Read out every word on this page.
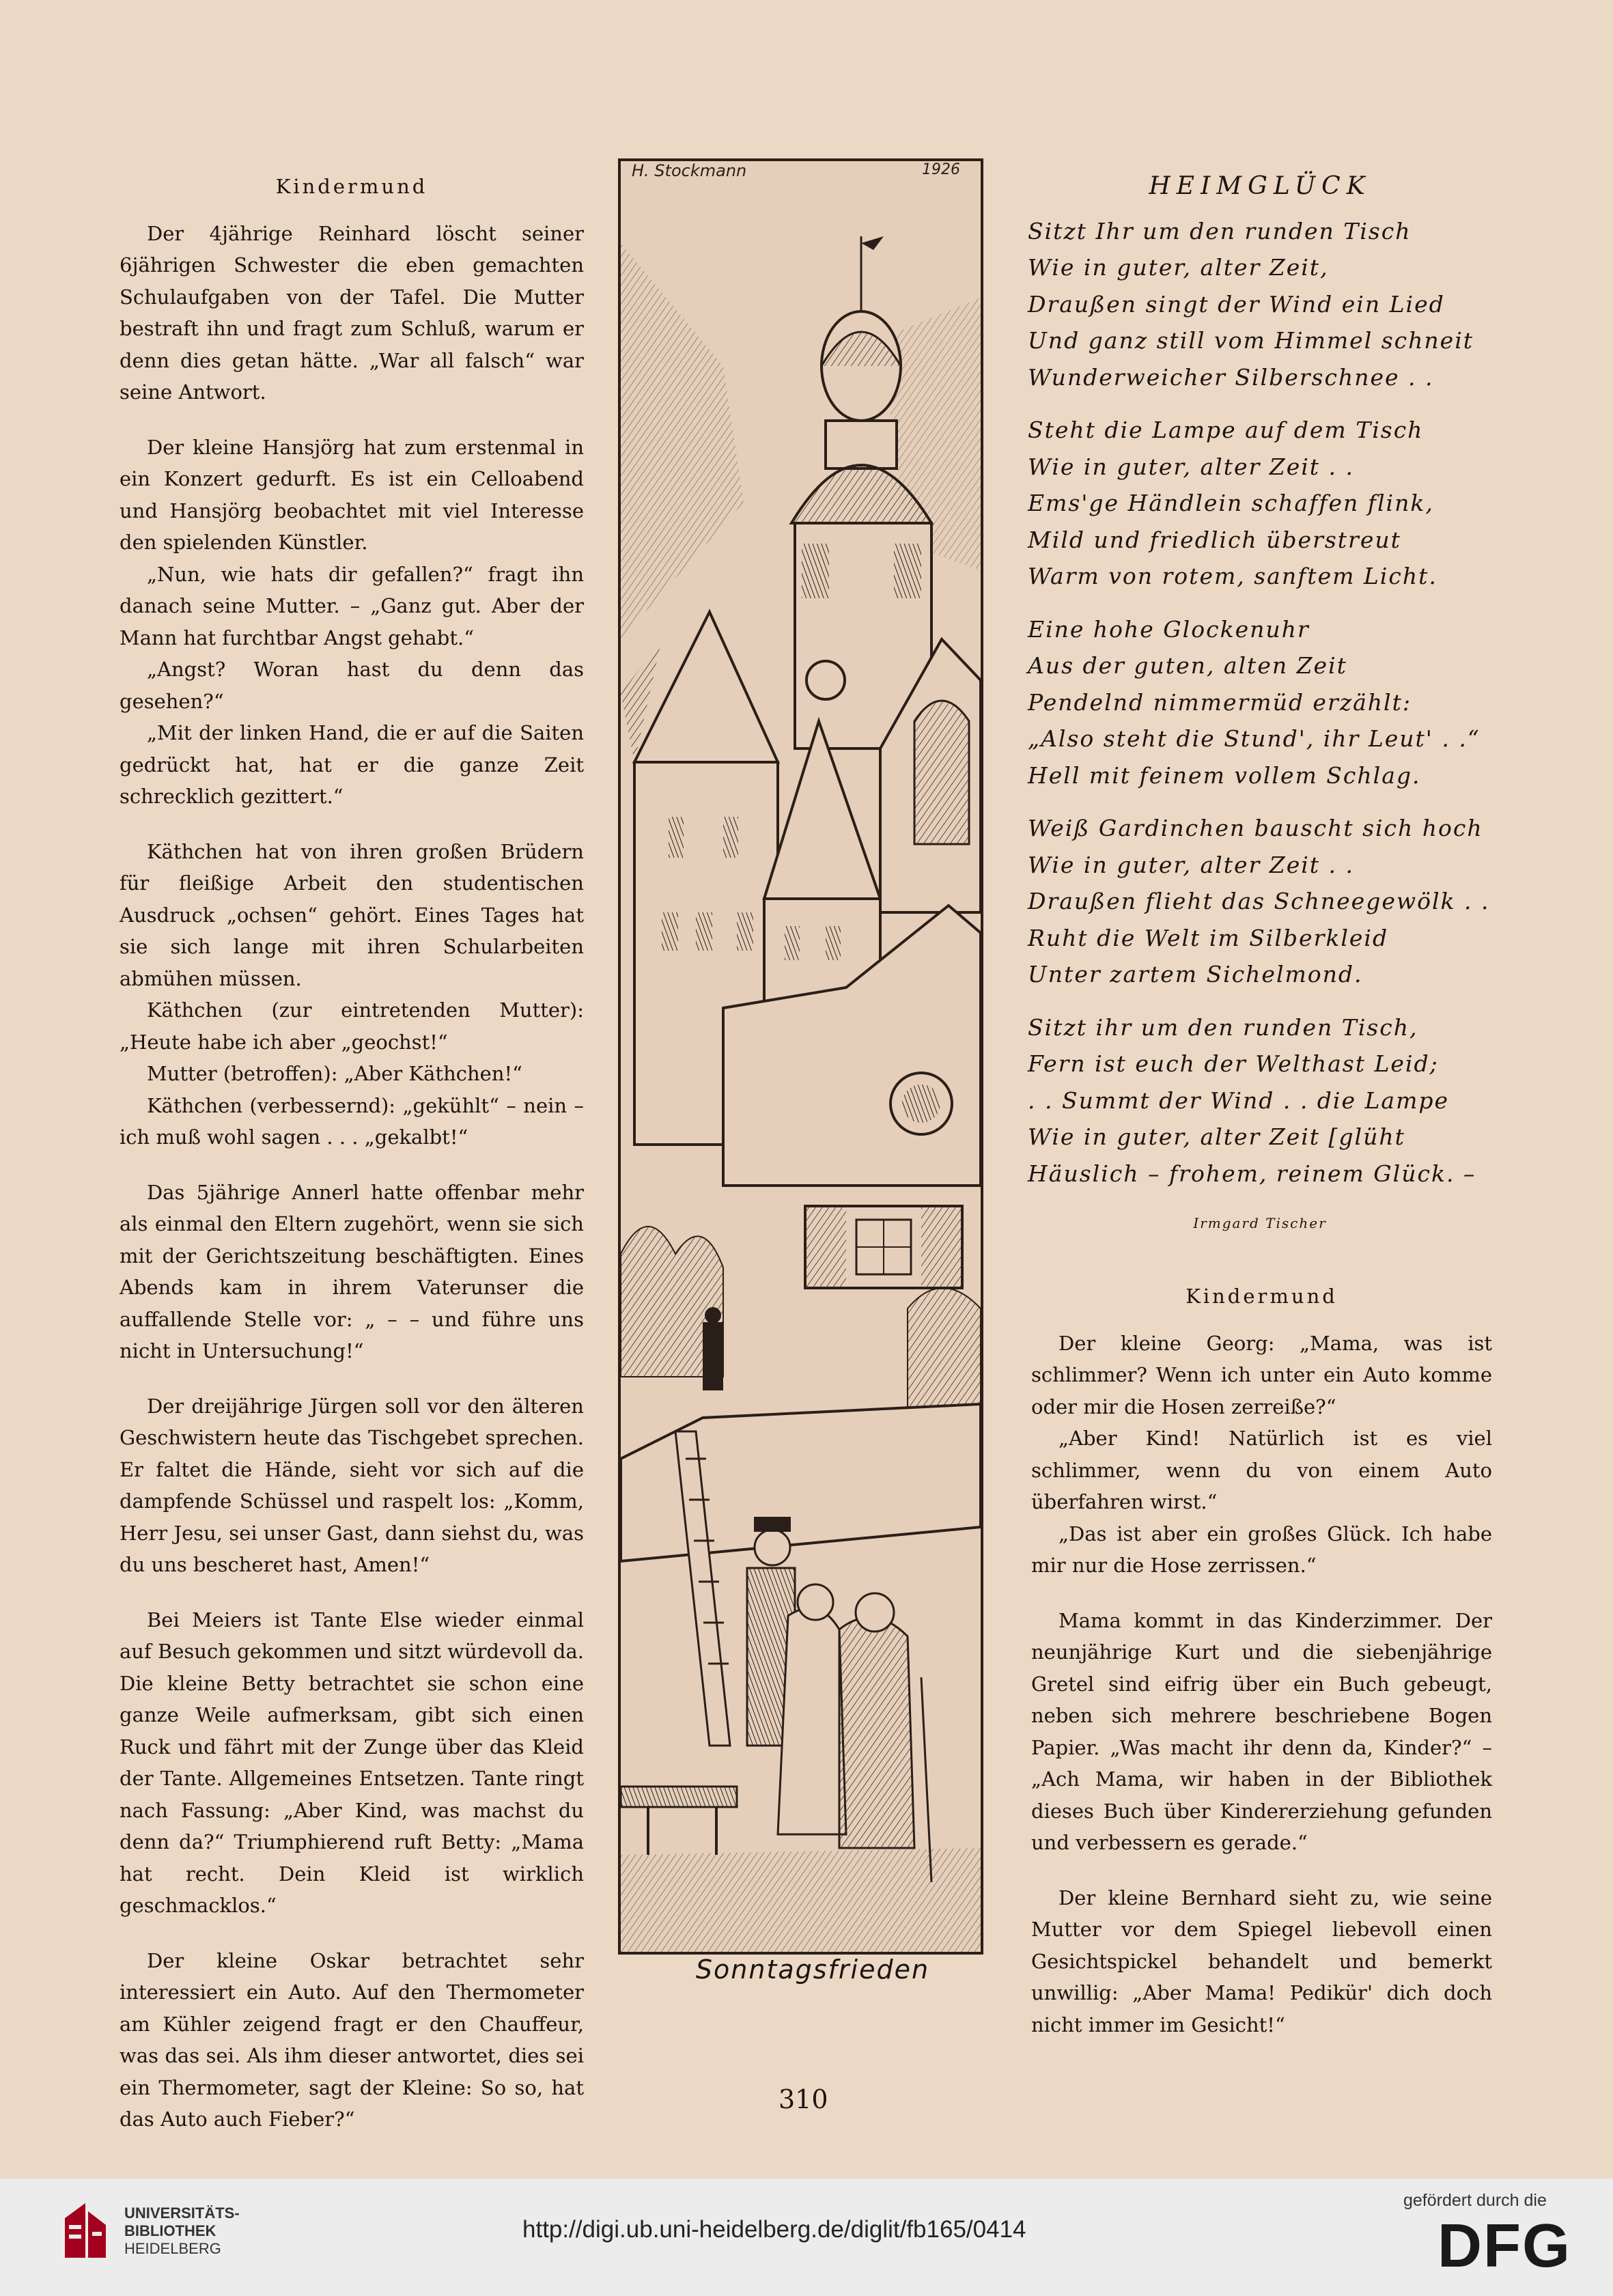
Kindermund

Der 4jährige Reinhard löscht seiner 6jährigen Schwester die eben gemachten Schulaufgaben von der Tafel. Die Mutter bestraft ihn und fragt zum Schluß, warum er denn dies getan hätte. „War all falsch“ war seine Antwort.

Der kleine Hansjörg hat zum erstenmal in ein Konzert gedurft. Es ist ein Celloabend und Hansjörg beobachtet mit viel Interesse den spielenden Künstler.

„Nun, wie hats dir gefallen?“ fragt ihn danach seine Mutter. – „Ganz gut. Aber der Mann hat furchtbar Angst gehabt.“

„Angst? Woran hast du denn das gesehen?“

„Mit der linken Hand, die er auf die Saiten gedrückt hat, hat er die ganze Zeit schrecklich gezittert.“

Käthchen hat von ihren großen Brüdern für fleißige Arbeit den studentischen Ausdruck „ochsen“ gehört. Eines Tages hat sie sich lange mit ihren Schularbeiten abmühen müssen.

Käthchen (zur eintretenden Mutter): „Heute habe ich aber „geochst!“

Mutter (betroffen): „Aber Käthchen!“

Käthchen (verbessernd): „gekühlt“ – nein – ich muß wohl sagen . . . „gekalbt!“

Das 5jährige Annerl hatte offenbar mehr als einmal den Eltern zugehört, wenn sie sich mit der Gerichtszeitung beschäftigten. Eines Abends kam in ihrem Vaterunser die auffallende Stelle vor: „ – – und führe uns nicht in Untersuchung!“

Der dreijährige Jürgen soll vor den älteren Geschwistern heute das Tischgebet sprechen. Er faltet die Hände, sieht vor sich auf die dampfende Schüssel und raspelt los: „Komm, Herr Jesu, sei unser Gast, dann siehst du, was du uns bescheret hast, Amen!“

Bei Meiers ist Tante Else wieder einmal auf Besuch gekommen und sitzt würdevoll da. Die kleine Betty betrachtet sie schon eine ganze Weile aufmerksam, gibt sich einen Ruck und fährt mit der Zunge über das Kleid der Tante. Allgemeines Entsetzen. Tante ringt nach Fassung: „Aber Kind, was machst du denn da?“ Triumphierend ruft Betty: „Mama hat recht. Dein Kleid ist wirklich geschmacklos.“

Der kleine Oskar betrachtet sehr interessiert ein Auto. Auf den Thermometer am Kühler zeigend fragt er den Chauffeur, was das sei. Als ihm dieser antwortet, dies sei ein Thermometer, sagt der Kleine: So so, hat das Auto auch Fieber?“

H. Stockmann	1926
Sonntagsfrieden
HEIMGLÜCK
Sitzt Ihr um den runden Tisch
Wie in guter, alter Zeit,
Draußen singt der Wind ein Lied
Und ganz still vom Himmel schneit
Wunderweicher Silberschnee . .
Steht die Lampe auf dem Tisch
Wie in guter, alter Zeit . .
Ems'ge Händlein schaffen flink,
Mild und friedlich überstreut
Warm von rotem, sanftem Licht.
Eine hohe Glockenuhr
Aus der guten, alten Zeit
Pendelnd nimmermüd erzählt:
„Also steht die Stund', ihr Leut' . .“
Hell mit feinem vollem Schlag.
Weiß Gardinchen bauscht sich hoch
Wie in guter, alter Zeit . .
Draußen flieht das Schneegewölk . .
Ruht die Welt im Silberkleid
Unter zartem Sichelmond.
Sitzt ihr um den runden Tisch,
Fern ist euch der Welthast Leid;
. . Summt der Wind . . die Lampe
Wie in guter, alter Zeit [glüht
Häuslich – frohem, reinem Glück. –
Irmgard Tischer
Kindermund

Der kleine Georg: „Mama, was ist schlimmer? Wenn ich unter ein Auto komme oder mir die Hosen zerreiße?“

„Aber Kind! Natürlich ist es viel schlimmer, wenn du von einem Auto überfahren wirst.“

„Das ist aber ein großes Glück. Ich habe mir nur die Hose zerrissen.“

Mama kommt in das Kinderzimmer. Der neunjährige Kurt und die siebenjährige Gretel sind eifrig über ein Buch gebeugt, neben sich mehrere beschriebene Bogen Papier. „Was macht ihr denn da, Kinder?“ – „Ach Mama, wir haben in der Bibliothek dieses Buch über Kindererziehung gefunden und verbessern es gerade.“

Der kleine Bernhard sieht zu, wie seine Mutter vor dem Spiegel liebevoll einen Gesichtspickel behandelt und bemerkt unwillig: „Aber Mama! Pedikür' dich doch nicht immer im Gesicht!“

310
UNIVERSITÄTS-
BIBLIOTHEK
HEIDELBERG
http://digi.ub.uni-heidelberg.de/diglit/fb165/0414
gefördert durch die
DFG
